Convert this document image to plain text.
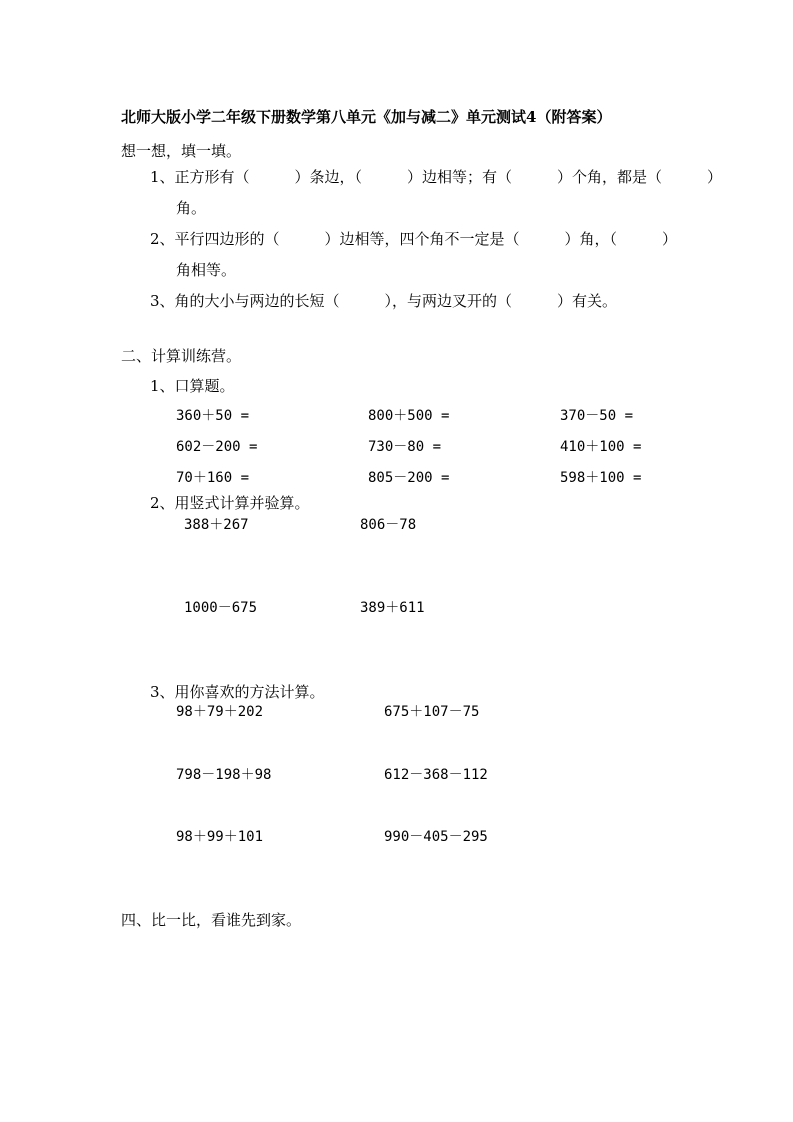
北师大版小学二年级下册数学第八单元《加与减二》单元测试4（附答案）
想一想，填一填。
1、正方形有（　　　）条边，（　　　）边相等；有（　　　）个角，都是（　　　）
角。
2、平行四边形的（　　　）边相等，四个角不一定是（　　　）角，（　　　）
角相等。
3、角的大小与两边的长短（　　　），与两边叉开的（　　　）有关。
二、计算训练营。
1、口算题。
360＋50 =	800＋500 =	370－50 =
602－200 =	730－80 =	410＋100 =
70＋160 =	805－200 =	598＋100 =
2、用竖式计算并验算。
388＋267	806－78
1000－675	389＋611
3、用你喜欢的方法计算。
98＋79＋202	675＋107－75
798－198＋98	612－368－112
98＋99＋101	990－405－295
四、比一比，看谁先到家。
